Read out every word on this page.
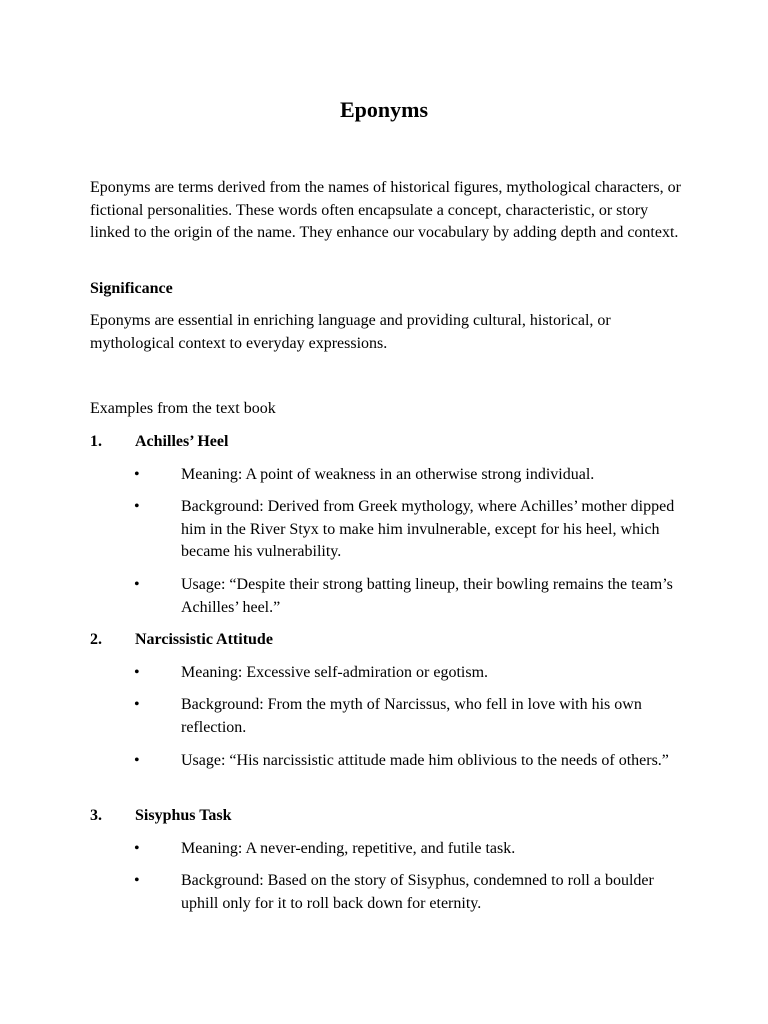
Eponyms

Eponyms are terms derived from the names of historical figures, mythological characters, or fictional personalities. These words often encapsulate a concept, characteristic, or story linked to the origin of the name. They enhance our vocabulary by adding depth and context.

Significance

Eponyms are essential in enriching language and providing cultural, historical, or mythological context to everyday expressions.

Examples from the text book

1. Achilles’ Heel

•	Meaning: A point of weakness in an otherwise strong individual.
•	Background: Derived from Greek mythology, where Achilles’ mother dipped him in the River Styx to make him invulnerable, except for his heel, which became his vulnerability.
•	Usage: “Despite their strong batting lineup, their bowling remains the team’s Achilles’ heel.”

2. Narcissistic Attitude

•	Meaning: Excessive self-admiration or egotism.
•	Background: From the myth of Narcissus, who fell in love with his own reflection.
•	Usage: “His narcissistic attitude made him oblivious to the needs of others.”

3. Sisyphus Task

•	Meaning: A never-ending, repetitive, and futile task.
•	Background: Based on the story of Sisyphus, condemned to roll a boulder uphill only for it to roll back down for eternity.
